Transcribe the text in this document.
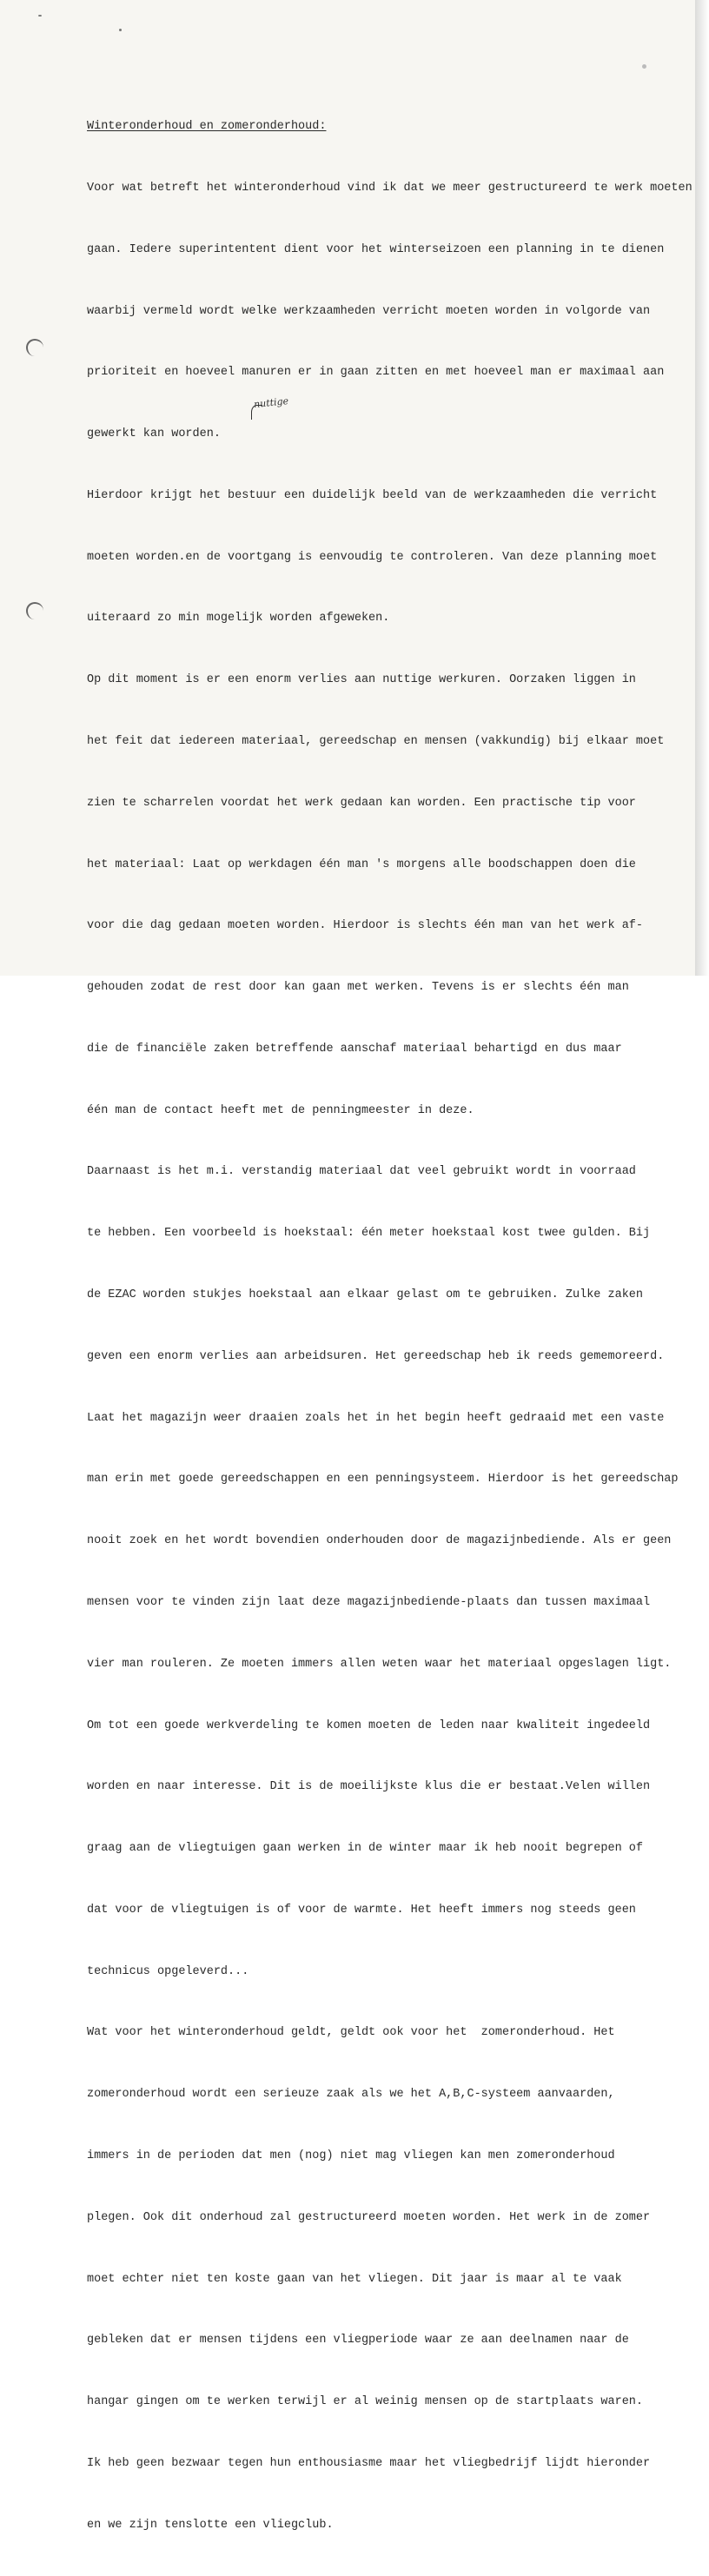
Winteronderhoud en zomeronderhoud:

Voor wat betreft het winteronderhoud vind ik dat we meer gestructureerd te werk moeten

gaan. Iedere superintentent dient voor het winterseizoen een planning in te dienen

waarbij vermeld wordt welke werkzaamheden verricht moeten worden in volgorde van

prioriteit en hoeveel manuren er in gaan zitten en met hoeveel man er maximaal aan

gewerkt kan worden.

Hierdoor krijgt het bestuur een duidelijk beeld van de werkzaamheden die verricht

moeten worden.en de voortgang is eenvoudig te controleren. Van deze planning moet

uiteraard zo min mogelijk worden afgeweken.

Op dit moment is er een enorm verlies aan nuttige werkuren. Oorzaken liggen in

het feit dat iedereen materiaal, gereedschap en mensen (vakkundig) bij elkaar moet

zien te scharrelen voordat het werk gedaan kan worden. Een practische tip voor

het materiaal: Laat op werkdagen één man 's morgens alle boodschappen doen die

voor die dag gedaan moeten worden. Hierdoor is slechts één man van het werk af-

gehouden zodat de rest door kan gaan met werken. Tevens is er slechts één man

die de financiële zaken betreffende aanschaf materiaal behartigd en dus maar

één man de contact heeft met de penningmeester in deze.

Daarnaast is het m.i. verstandig materiaal dat veel gebruikt wordt in voorraad

te hebben. Een voorbeeld is hoekstaal: één meter hoekstaal kost twee gulden. Bij

de EZAC worden stukjes hoekstaal aan elkaar gelast om te gebruiken. Zulke zaken

geven een enorm verlies aan arbeidsuren. Het gereedschap heb ik reeds gememoreerd.

Laat het magazijn weer draaien zoals het in het begin heeft gedraaid met een vaste

man erin met goede gereedschappen en een penningsysteem. Hierdoor is het gereedschap

nooit zoek en het wordt bovendien onderhouden door de magazijnbediende. Als er geen

mensen voor te vinden zijn laat deze magazijnbediende-plaats dan tussen maximaal

vier man rouleren. Ze moeten immers allen weten waar het materiaal opgeslagen ligt.

Om tot een goede werkverdeling te komen moeten de leden naar kwaliteit ingedeeld

worden en naar interesse. Dit is de moeilijkste klus die er bestaat.Velen willen

graag aan de vliegtuigen gaan werken in de winter maar ik heb nooit begrepen of

dat voor de vliegtuigen is of voor de warmte. Het heeft immers nog steeds geen

technicus opgeleverd...

Wat voor het winteronderhoud geldt, geldt ook voor het  zomeronderhoud. Het

zomeronderhoud wordt een serieuze zaak als we het A,B,C-systeem aanvaarden,

immers in de perioden dat men (nog) niet mag vliegen kan men zomeronderhoud

plegen. Ook dit onderhoud zal gestructureerd moeten worden. Het werk in de zomer

moet echter niet ten koste gaan van het vliegen. Dit jaar is maar al te vaak

gebleken dat er mensen tijdens een vliegperiode waar ze aan deelnamen naar de

hangar gingen om te werken terwijl er al weinig mensen op de startplaats waren.

Ik heb geen bezwaar tegen hun enthousiasme maar het vliegbedrijf lijdt hieronder

en we zijn tenslotte een vliegclub.

nuttige
